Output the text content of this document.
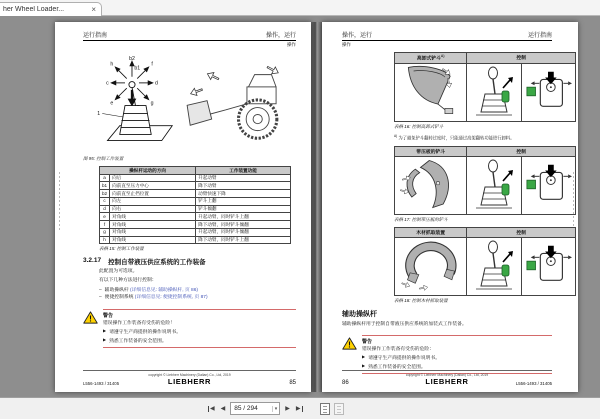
her Wheel Loader...	×
运行指南	操作，运行
操作
b2
b1
h	f
c	d
e	g
1
图 95: 控制工作装置
操纵杆运动的方向		工作装置功能
a	向后	升起动臂
b1	向前直至压力中心	降下动臂
b2	向前直至止挡位置	动臂快速下降
c	向左	铲斗上翻
d	向右	铲斗倾翻
e	对角线	升起动臂，同时铲斗上翻
f	对角线	降下动臂，同时铲斗倾翻
g	对角线	升起动臂，同时铲斗倾翻
h	对角线	降下动臂，同时铲斗上翻
表格 15: 控制工作装置
3.2.17 控制自带液压供应系统的工作装备
此配置为可选项。
有以下几种方法进行控制：
– 辅助操纵杆 (详细信息见: 辅助操纵杆, 页 86)
– 便捷控制系统 (详细信息见: 便捷控制系统, 页 87)
! 警告
错误操作工作装备有受伤的危险！
▶ 请遵守生产商提供的操作说明书。
▶ 熟悉工作装备的安全范围。
L556-1493 / 31405
copyright © Liebherr Machinery (Dalian) Co., Ltd, 2019
LIEBHERR	85
操作，运行	运行指南
操作
高卸式铲斗$^{A)}$	控制	

表格 16: 控制高卸式铲斗
$^{A)}$ 为了避免铲斗翻转过度时，只能通过高架翻转功能进行卸料。
带压板的铲斗	控制	

表格 17: 控制带压板的铲斗
木材抓取装置	控制	

表格 18: 控制木材抓取装置
辅助操纵杆
辅助操纵杆用于控制自带液压供应系统的加装式工作装备。
! 警告
错误操作工作装备有受伤的危险：
▶ 请遵守生产商提供的操作说明书。
▶ 熟悉工作装备的安全范围。
86
copyright © Liebherr Machinery (Dalian) Co., Ltd, 2019
LIEBHERR	L556-1493 / 31405
◀ ◀	85 / 294	▾	▶ ▶
